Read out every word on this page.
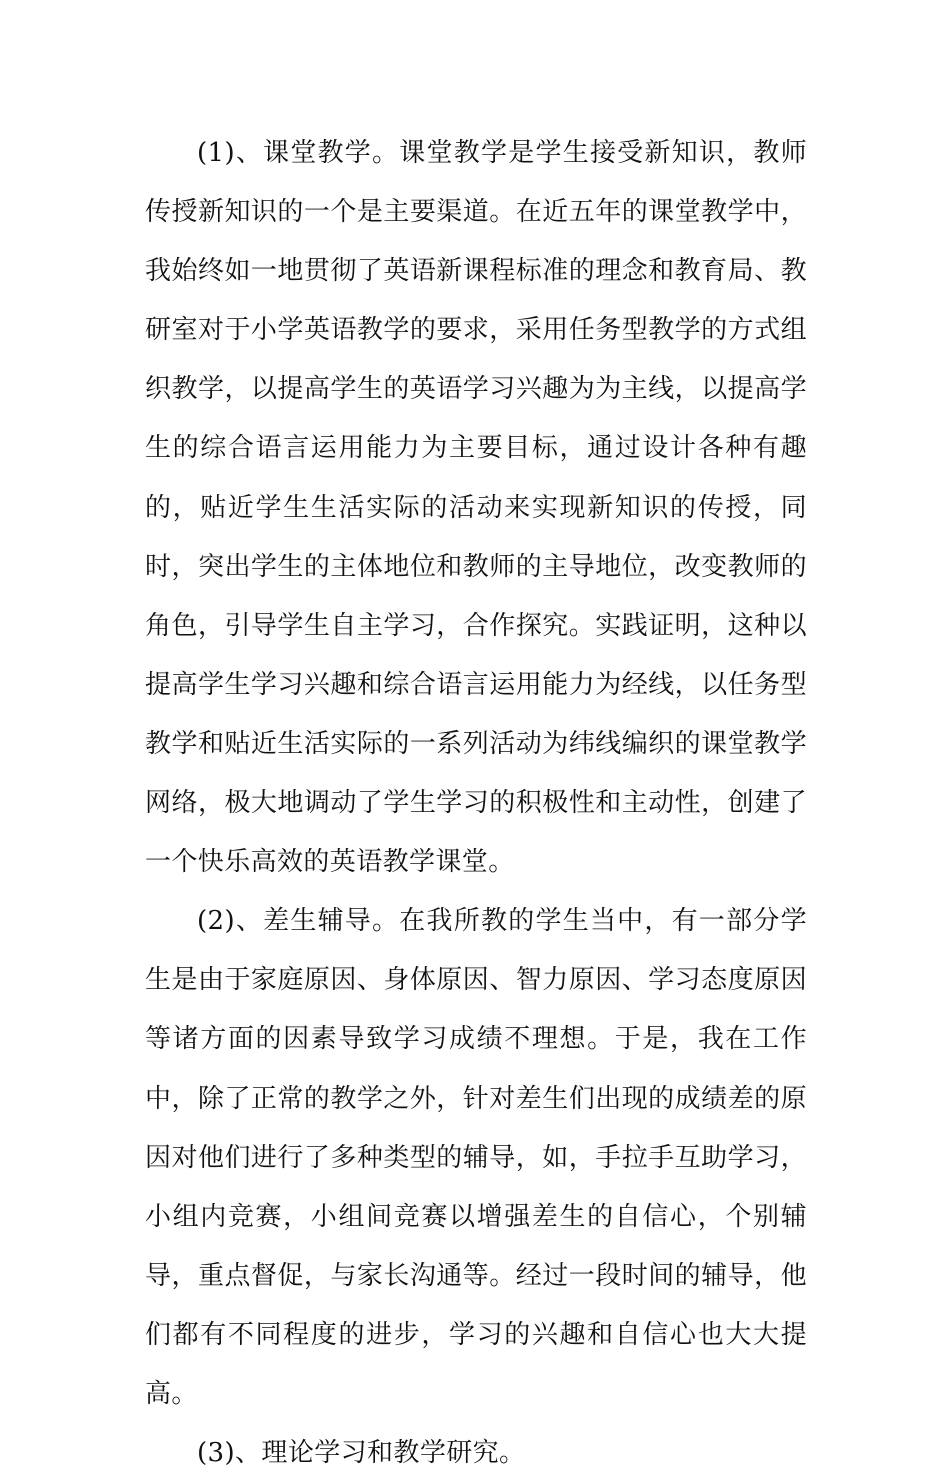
(1)、课堂教学。课堂教学是学生接受新知识，教师传授新知识的一个是主要渠道。在近五年的课堂教学中，我始终如一地贯彻了英语新课程标准的理念和教育局、教研室对于小学英语教学的要求，采用任务型教学的方式组织教学，以提高学生的英语学习兴趣为为主线，以提高学生的综合语言运用能力为主要目标，通过设计各种有趣的，贴近学生生活实际的活动来实现新知识的传授，同时，突出学生的主体地位和教师的主导地位，改变教师的角色，引导学生自主学习，合作探究。实践证明，这种以提高学生学习兴趣和综合语言运用能力为经线，以任务型教学和贴近生活实际的一系列活动为纬线编织的课堂教学网络，极大地调动了学生学习的积极性和主动性，创建了一个快乐高效的英语教学课堂。

(2)、差生辅导。在我所教的学生当中，有一部分学生是由于家庭原因、身体原因、智力原因、学习态度原因等诸方面的因素导致学习成绩不理想。于是，我在工作中，除了正常的教学之外，针对差生们出现的成绩差的原因对他们进行了多种类型的辅导，如，手拉手互助学习，小组内竞赛，小组间竞赛以增强差生的自信心，个别辅导，重点督促，与家长沟通等。经过一段时间的辅导，他们都有不同程度的进步，学习的兴趣和自信心也大大提高。

(3)、理论学习和教学研究。
